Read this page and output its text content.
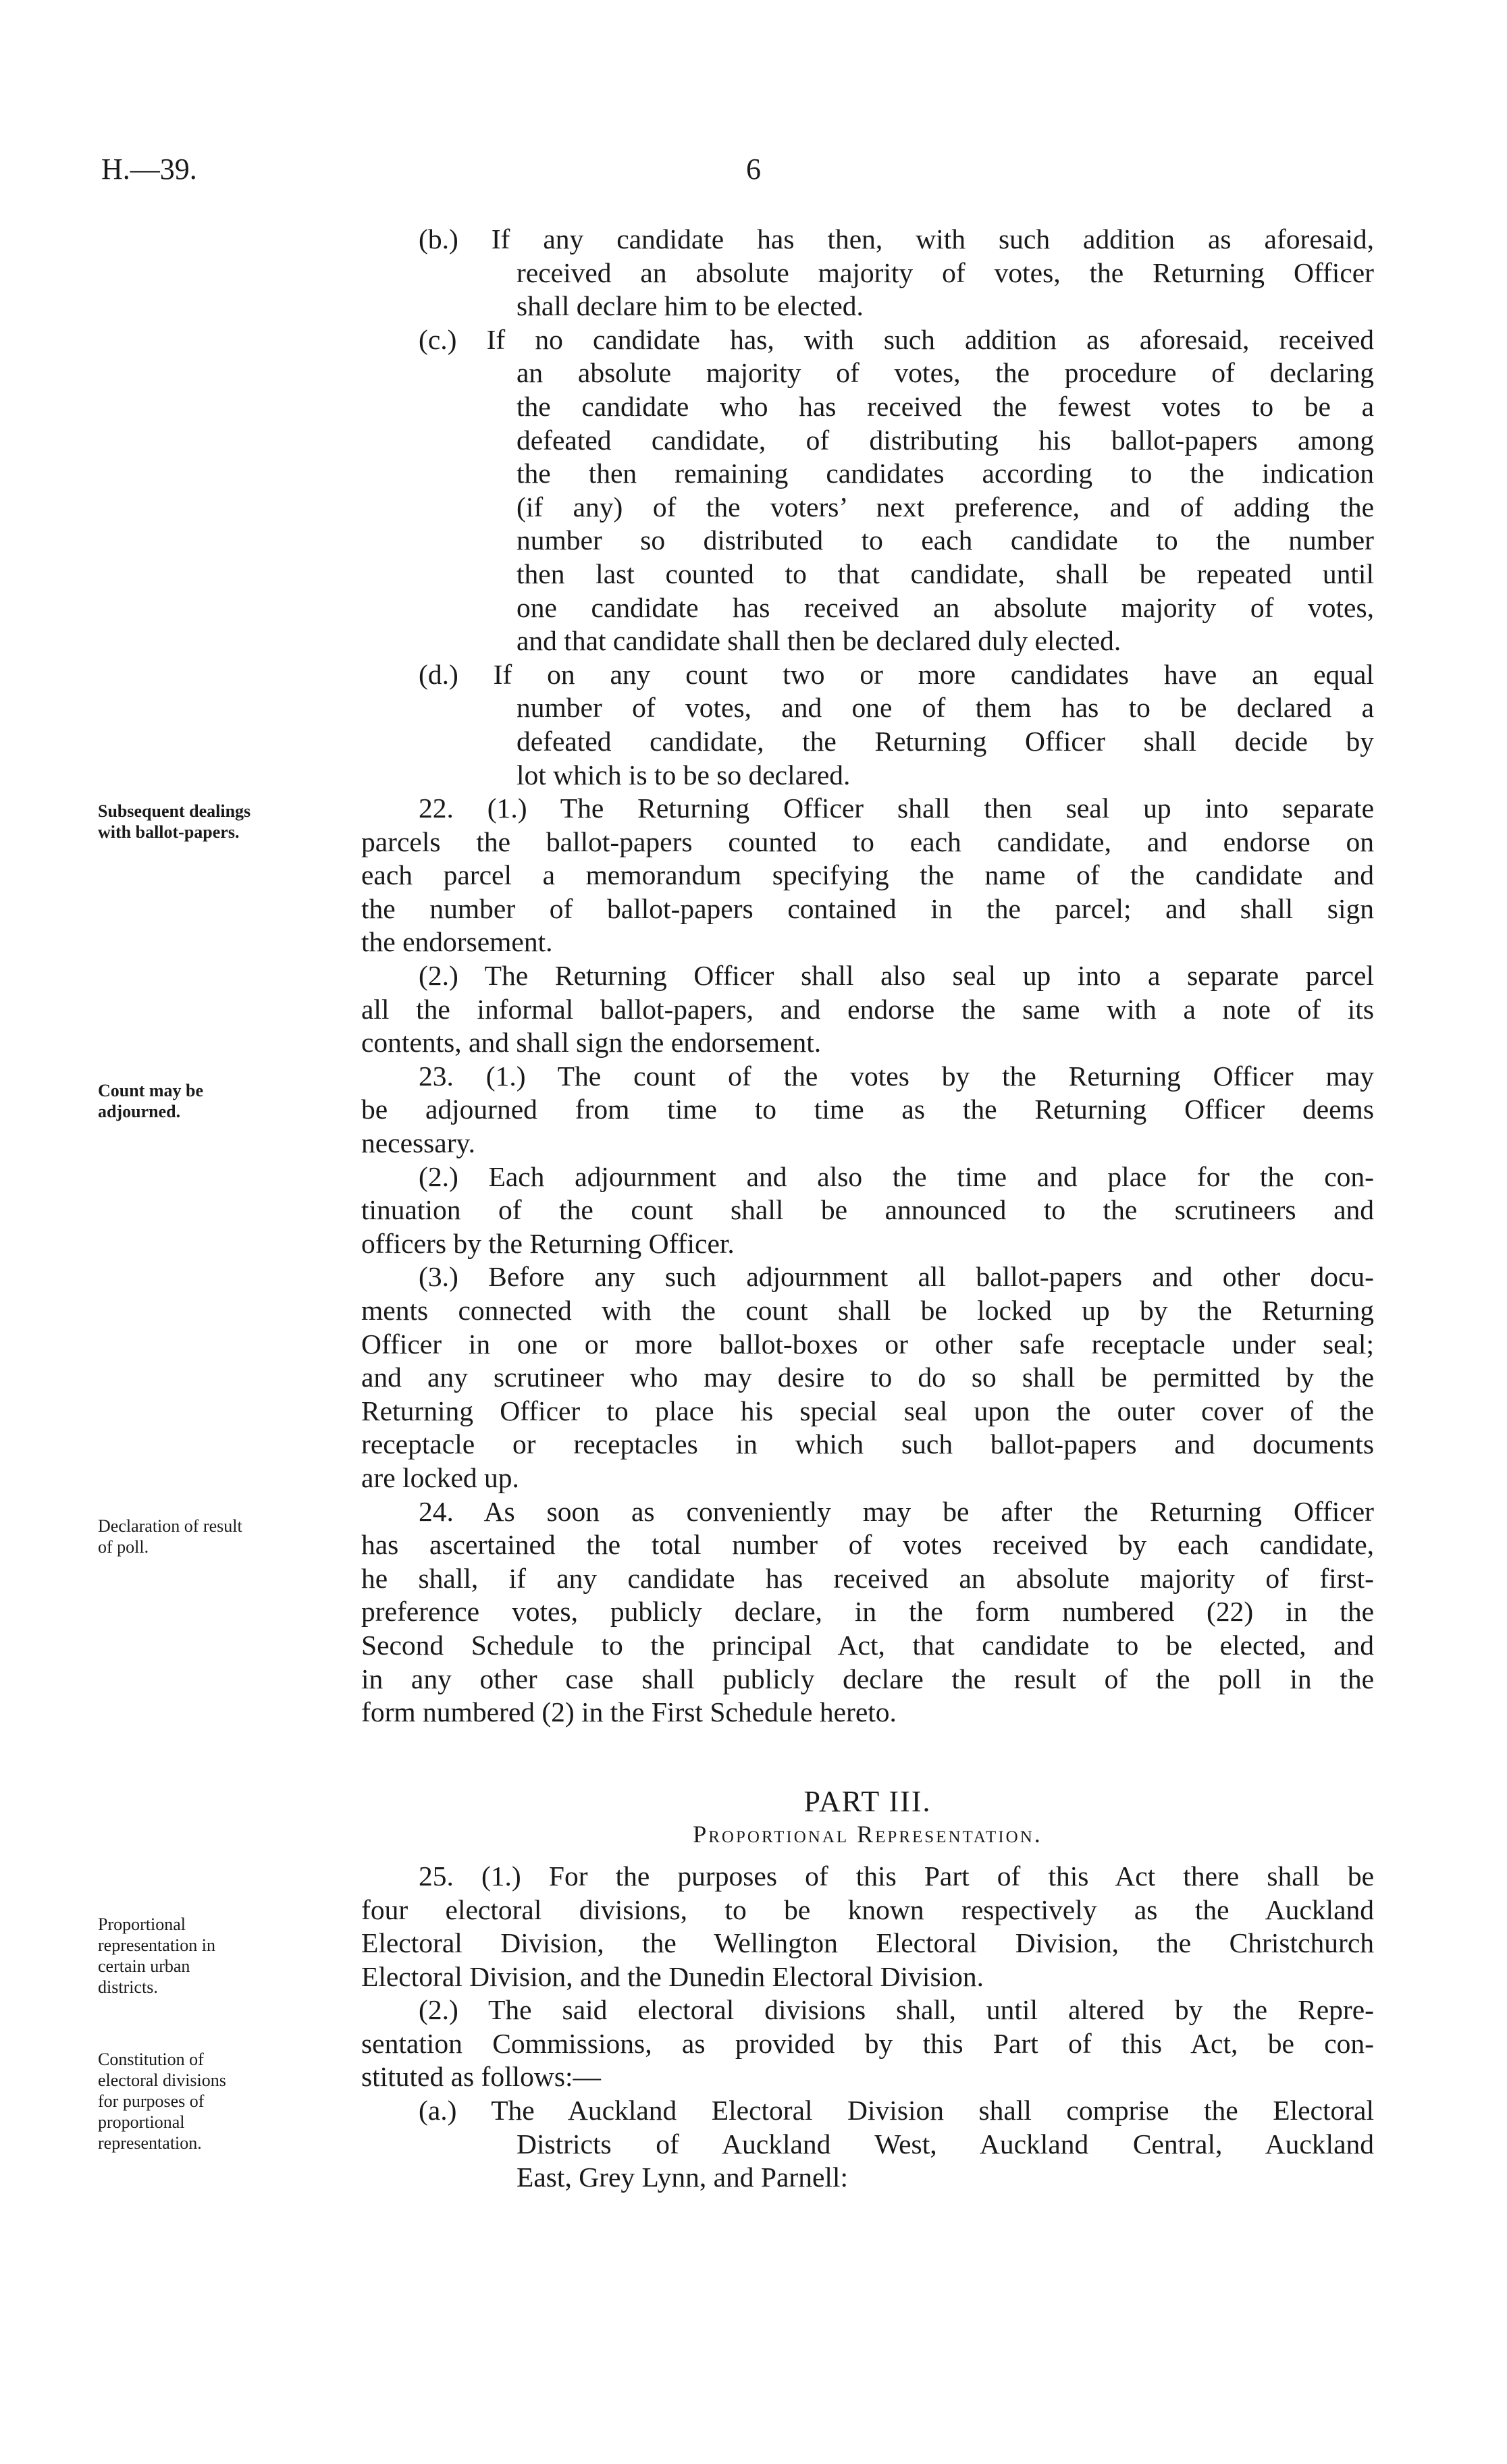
H.—39.	6
Subsequent dealings
with ballot-papers.
Count may be
adjourned.
Declaration of result
of poll.
Proportional
representation in
certain urban
districts.
Constitution of
electoral divisions
for purposes of
proportional
representation.
(b.) If any candidate has then, with such addition as aforesaid,
received an absolute majority of votes, the Returning Officer
shall declare him to be elected.
(c.) If no candidate has, with such addition as aforesaid, received
an absolute majority of votes, the procedure of declaring
the candidate who has received the fewest votes to be a
defeated candidate, of distributing his ballot-papers among
the then remaining candidates according to the indication
(if any) of the voters’ next preference, and of adding the
number so distributed to each candidate to the number
then last counted to that candidate, shall be repeated until
one candidate has received an absolute majority of votes,
and that candidate shall then be declared duly elected.
(d.) If on any count two or more candidates have an equal
number of votes, and one of them has to be declared a
defeated candidate, the Returning Officer shall decide by
lot which is to be so declared.
22. (1.) The Returning Officer shall then seal up into separate
parcels the ballot-papers counted to each candidate, and endorse on
each parcel a memorandum specifying the name of the candidate and
the number of ballot-papers contained in the parcel; and shall sign
the endorsement.
(2.) The Returning Officer shall also seal up into a separate parcel
all the informal ballot-papers, and endorse the same with a note of its
contents, and shall sign the endorsement.
23. (1.) The count of the votes by the Returning Officer may
be adjourned from time to time as the Returning Officer deems
necessary.
(2.) Each adjournment and also the time and place for the con-
tinuation of the count shall be announced to the scrutineers and
officers by the Returning Officer.
(3.) Before any such adjournment all ballot-papers and other docu-
ments connected with the count shall be locked up by the Returning
Officer in one or more ballot-boxes or other safe receptacle under seal;
and any scrutineer who may desire to do so shall be permitted by the
Returning Officer to place his special seal upon the outer cover of the
receptacle or receptacles in which such ballot-papers and documents
are locked up.
24. As soon as conveniently may be after the Returning Officer
has ascertained the total number of votes received by each candidate,
he shall, if any candidate has received an absolute majority of first-
preference votes, publicly declare, in the form numbered (22) in the
Second Schedule to the principal Act, that candidate to be elected, and
in any other case shall publicly declare the result of the poll in the
form numbered (2) in the First Schedule hereto.
PART III.
Proportional Representation.
25. (1.) For the purposes of this Part of this Act there shall be
four electoral divisions, to be known respectively as the Auckland
Electoral Division, the Wellington Electoral Division, the Christchurch
Electoral Division, and the Dunedin Electoral Division.
(2.) The said electoral divisions shall, until altered by the Repre-
sentation Commissions, as provided by this Part of this Act, be con-
stituted as follows:—
(a.) The Auckland Electoral Division shall comprise the Electoral
Districts of Auckland West, Auckland Central, Auckland
East, Grey Lynn, and Parnell:
